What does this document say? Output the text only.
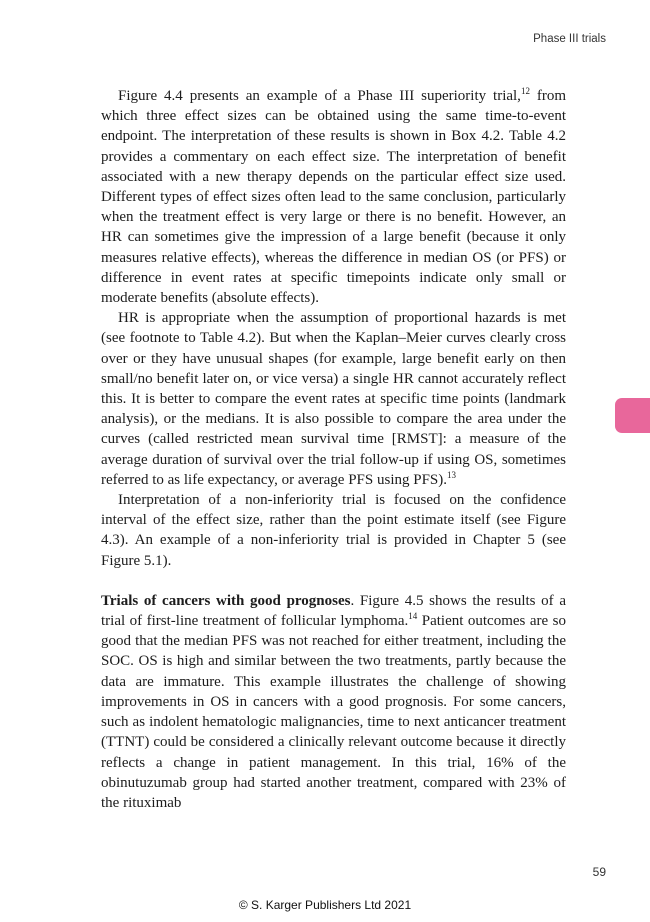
Phase III trials

Figure 4.4 presents an example of a Phase III superiority trial,$^{12}$ from which three effect sizes can be obtained using the same time-to-event endpoint. The interpretation of these results is shown in Box 4.2. Table 4.2 provides a commentary on each effect size. The interpretation of benefit associated with a new therapy depends on the particular effect size used. Different types of effect sizes often lead to the same conclusion, particularly when the treatment effect is very large or there is no benefit. However, an HR can sometimes give the impression of a large benefit (because it only measures relative effects), whereas the difference in median OS (or PFS) or difference in event rates at specific timepoints indicate only small or moderate benefits (absolute effects).

HR is appropriate when the assumption of proportional hazards is met (see footnote to Table 4.2). But when the Kaplan–Meier curves clearly cross over or they have unusual shapes (for example, large benefit early on then small/no benefit later on, or vice versa) a single HR cannot accurately reflect this. It is better to compare the event rates at specific time points (landmark analysis), or the medians. It is also possible to compare the area under the curves (called restricted mean survival time [RMST]: a measure of the average duration of survival over the trial follow-up if using OS, sometimes referred to as life expectancy, or average PFS using PFS).$^{13}$

Interpretation of a non-inferiority trial is focused on the confidence interval of the effect size, rather than the point estimate itself (see Figure 4.3). An example of a non-inferiority trial is provided in Chapter 5 (see Figure 5.1).

Trials of cancers with good prognoses. Figure 4.5 shows the results of a trial of first-line treatment of follicular lymphoma.$^{14}$ Patient outcomes are so good that the median PFS was not reached for either treatment, including the SOC. OS is high and similar between the two treatments, partly because the data are immature. This example illustrates the challenge of showing improvements in OS in cancers with a good prognosis. For some cancers, such as indolent hematologic malignancies, time to next anticancer treatment (TTNT) could be considered a clinically relevant outcome because it directly reflects a change in patient management. In this trial, 16% of the obinutuzumab group had started another treatment, compared with 23% of the rituximab

59
© S. Karger Publishers Ltd 2021
